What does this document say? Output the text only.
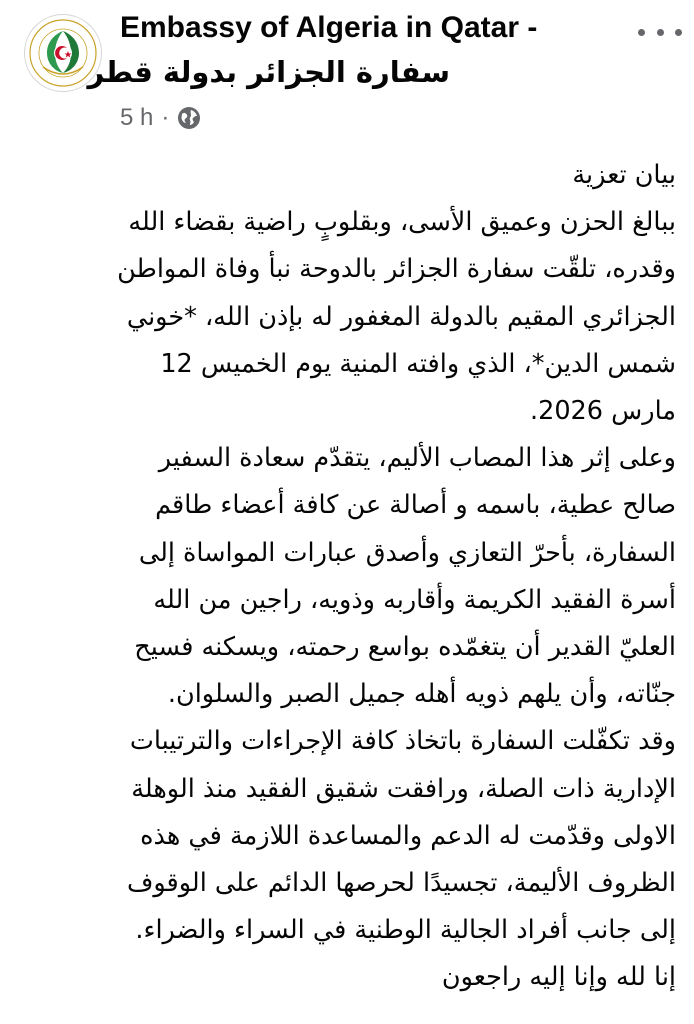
Embassy of Algeria in Qatar -
سفارة الجزائر بدولة قطر
5 h ·
بيان تعزية
ببالغ الحزن وعميق الأسى، وبقلوبٍ راضية بقضاء الله
وقدره، تلقّت سفارة الجزائر بالدوحة نبأ وفاة المواطن
الجزائري المقيم بالدولة المغفور له بإذن الله، *خوني
شمس الدين*، الذي وافته المنية يوم الخميس 12
مارس 2026.
وعلى إثر هذا المصاب الأليم، يتقدّم سعادة السفير
صالح عطية، باسمه و أصالة عن كافة أعضاء طاقم
السفارة، بأحرّ التعازي وأصدق عبارات المواساة إلى
أسرة الفقيد الكريمة وأقاربه وذويه، راجين من الله
العليّ القدير أن يتغمّده بواسع رحمته، ويسكنه فسيح
جنّاته، وأن يلهم ذويه أهله جميل الصبر والسلوان.
وقد تكفّلت السفارة باتخاذ كافة الإجراءات والترتيبات
الإدارية ذات الصلة، ورافقت شقيق الفقيد منذ الوهلة
الاولى وقدّمت له الدعم والمساعدة اللازمة في هذه
الظروف الأليمة، تجسيدًا لحرصها الدائم على الوقوف
إلى جانب أفراد الجالية الوطنية في السراء والضراء.
إنا لله وإنا إليه راجعون
